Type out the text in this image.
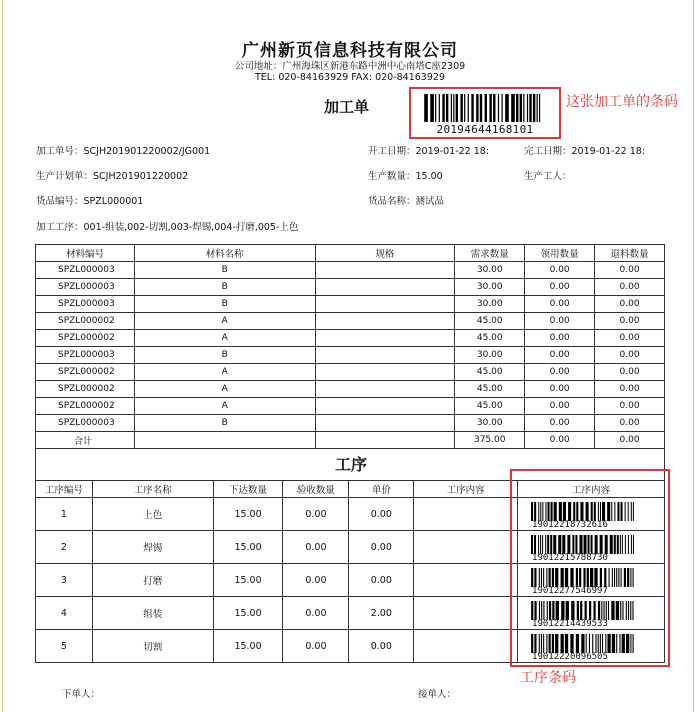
广州新页信息科技有限公司
公司地址：广州海珠区新港东路中洲中心南塔C座2309
TEL: 020-84163929 FAX: 020-84163929
加工单
20194644168101
这张加工单的条码
加工单号：SCJH201901220002/JG001
生产计划单：SCJH201901220002
货品编号：SPZL000001
加工工序：001-组装,002-切割,003-焊锡,004-打磨,005-上色
开工日期：2019-01-22 18:
生产数量：15.00
货品名称：测试品
完工日期：2019-01-22 18:
生产工人：
材料编号	材料名称	规格	需求数量	领用数量	退料数量
SPZL000003	B		30.00	0.00	0.00
SPZL000003	B		30.00	0.00	0.00
SPZL000003	B		30.00	0.00	0.00
SPZL000002	A		45.00	0.00	0.00
SPZL000002	A		45.00	0.00	0.00
SPZL000003	B		30.00	0.00	0.00
SPZL000002	A		45.00	0.00	0.00
SPZL000002	A		45.00	0.00	0.00
SPZL000002	A		45.00	0.00	0.00
SPZL000003	B		30.00	0.00	0.00
合计			375.00	0.00	0.00
工序
工序编号	工序名称	下达数量	验收数量	单价	工序内容	工序内容
1	上色	15.00	0.00	0.00		19012218732616

2	焊锡	15.00	0.00	0.00		19012215788730

3	打磨	15.00	0.00	0.00		19012277546997

4	组装	15.00	0.00	2.00		19012214439533

5	切割	15.00	0.00	0.00		19012220096505
工序条码
下单人：	接单人：
